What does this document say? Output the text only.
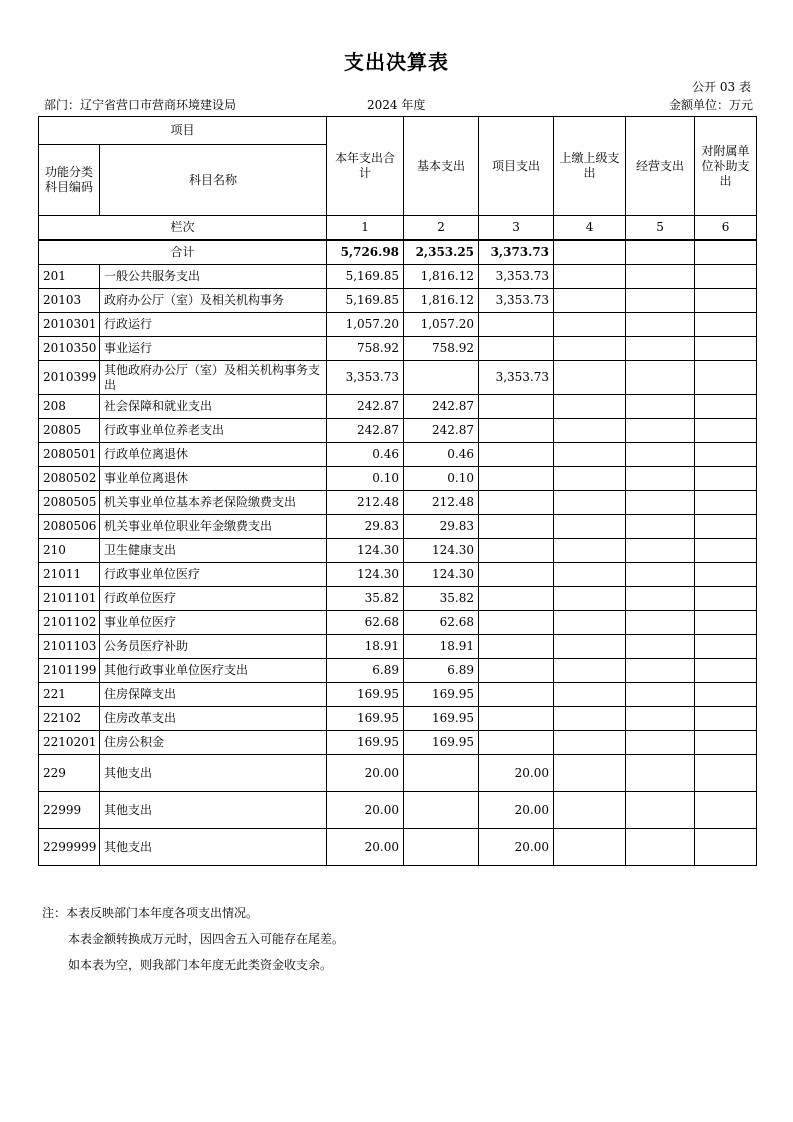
支出决算表
公开 03 表
部门：辽宁省营口市营商环境建设局	2024 年度	金额单位：万元
项目		本年支出合计	基本支出	项目支出	上缴上级支出	经营支出	对附属单位补助支出
功能分类科目编码	科目名称						
栏次		1	2	3	4	5	6
合计		5,726.98	2,353.25	3,373.73			
201	一般公共服务支出	5,169.85	1,816.12	3,353.73			
20103	政府办公厅（室）及相关机构事务	5,169.85	1,816.12	3,353.73			
2010301	行政运行	1,057.20	1,057.20				
2010350	事业运行	758.92	758.92				
2010399	其他政府办公厅（室）及相关机构事务支出	3,353.73		3,353.73			
208	社会保障和就业支出	242.87	242.87				
20805	行政事业单位养老支出	242.87	242.87				
2080501	行政单位离退休	0.46	0.46				
2080502	事业单位离退休	0.10	0.10				
2080505	机关事业单位基本养老保险缴费支出	212.48	212.48				
2080506	机关事业单位职业年金缴费支出	29.83	29.83				
210	卫生健康支出	124.30	124.30				
21011	行政事业单位医疗	124.30	124.30				
2101101	行政单位医疗	35.82	35.82				
2101102	事业单位医疗	62.68	62.68				
2101103	公务员医疗补助	18.91	18.91				
2101199	其他行政事业单位医疗支出	6.89	6.89				
221	住房保障支出	169.95	169.95				
22102	住房改革支出	169.95	169.95				
2210201	住房公积金	169.95	169.95				
229	其他支出	20.00		20.00			
22999	其他支出	20.00		20.00			
2299999	其他支出	20.00		20.00			
注：本表反映部门本年度各项支出情况。
本表金额转换成万元时，因四舍五入可能存在尾差。
如本表为空，则我部门本年度无此类资金收支余。
